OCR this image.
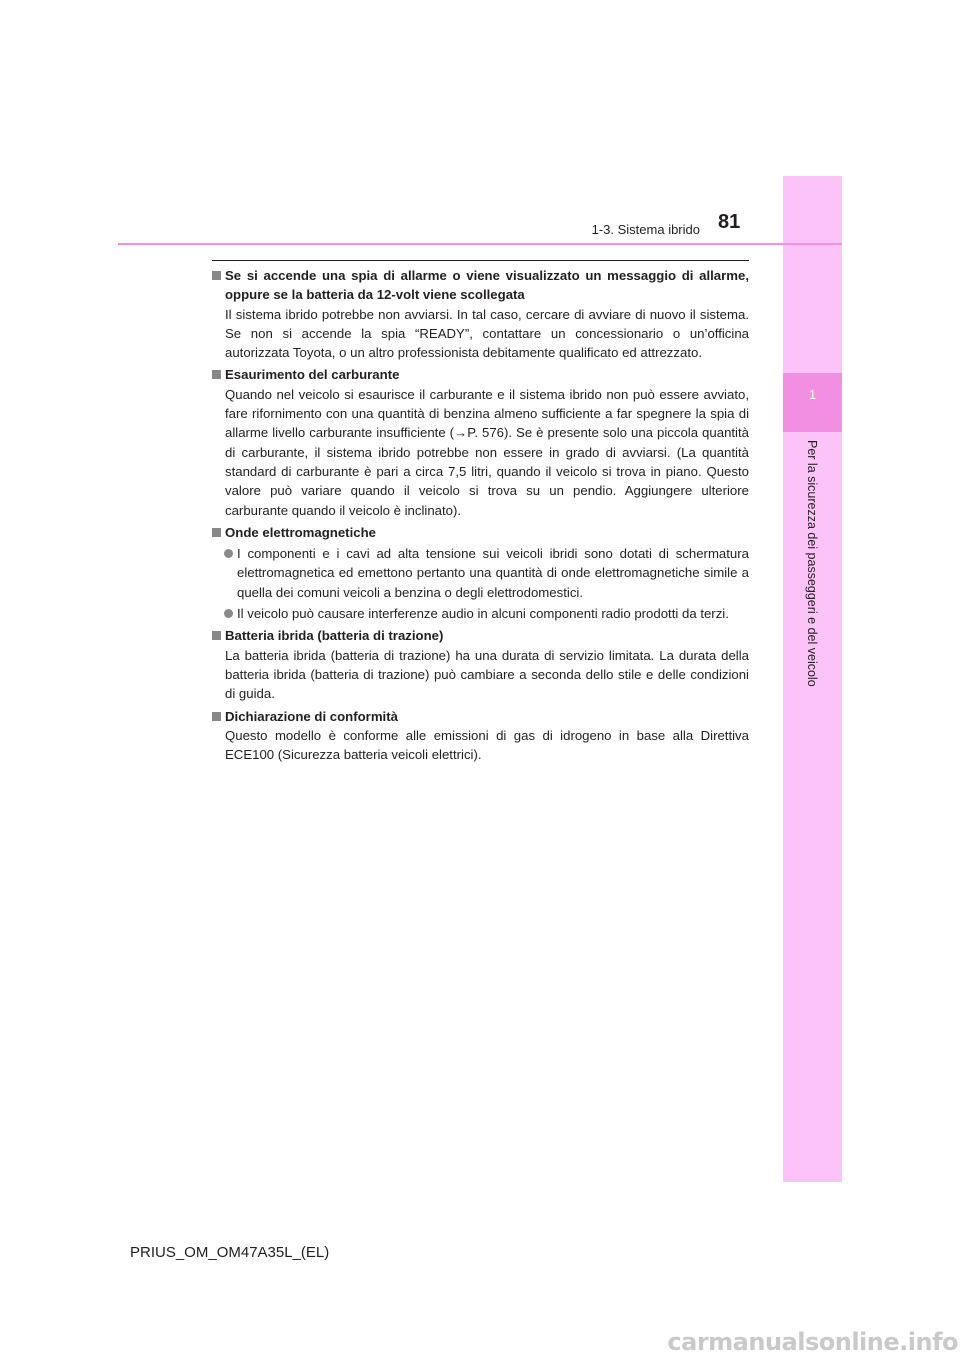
1
Per la sicurezza dei passeggeri e del veicolo
1-3. Sistema ibrido 81
Se si accende una spia di allarme o viene visualizzato un messaggio di allarme, oppure se la batteria da 12-volt viene scollegata

Il sistema ibrido potrebbe non avviarsi. In tal caso, cercare di avviare di nuovo il sistema. Se non si accende la spia “READY”, contattare un concessionario o un’officina autorizzata Toyota, o un altro professionista debitamente qualificato ed attrezzato.

Esaurimento del carburante

Quando nel veicolo si esaurisce il carburante e il sistema ibrido non può essere avviato, fare rifornimento con una quantità di benzina almeno sufficiente a far spegnere la spia di allarme livello carburante insufficiente (→P. 576). Se è presente solo una piccola quantità di carburante, il sistema ibrido potrebbe non essere in grado di avviarsi. (La quantità standard di carburante è pari a circa 7,5 litri, quando il veicolo si trova in piano. Questo valore può variare quando il veicolo si trova su un pendio. Aggiungere ulteriore carburante quando il veicolo è inclinato).

Onde elettromagnetiche
I componenti e i cavi ad alta tensione sui veicoli ibridi sono dotati di schermatura elettromagnetica ed emettono pertanto una quantità di onde elettromagnetiche simile a quella dei comuni veicoli a benzina o degli elettrodomestici.
Il veicolo può causare interferenze audio in alcuni componenti radio prodotti da terzi.
Batteria ibrida (batteria di trazione)

La batteria ibrida (batteria di trazione) ha una durata di servizio limitata. La durata della batteria ibrida (batteria di trazione) può cambiare a seconda dello stile e delle condizioni di guida.

Dichiarazione di conformità

Questo modello è conforme alle emissioni di gas di idrogeno in base alla Direttiva ECE100 (Sicurezza batteria veicoli elettrici).

PRIUS_OM_OM47A35L_(EL)
carmanualsonline.info
